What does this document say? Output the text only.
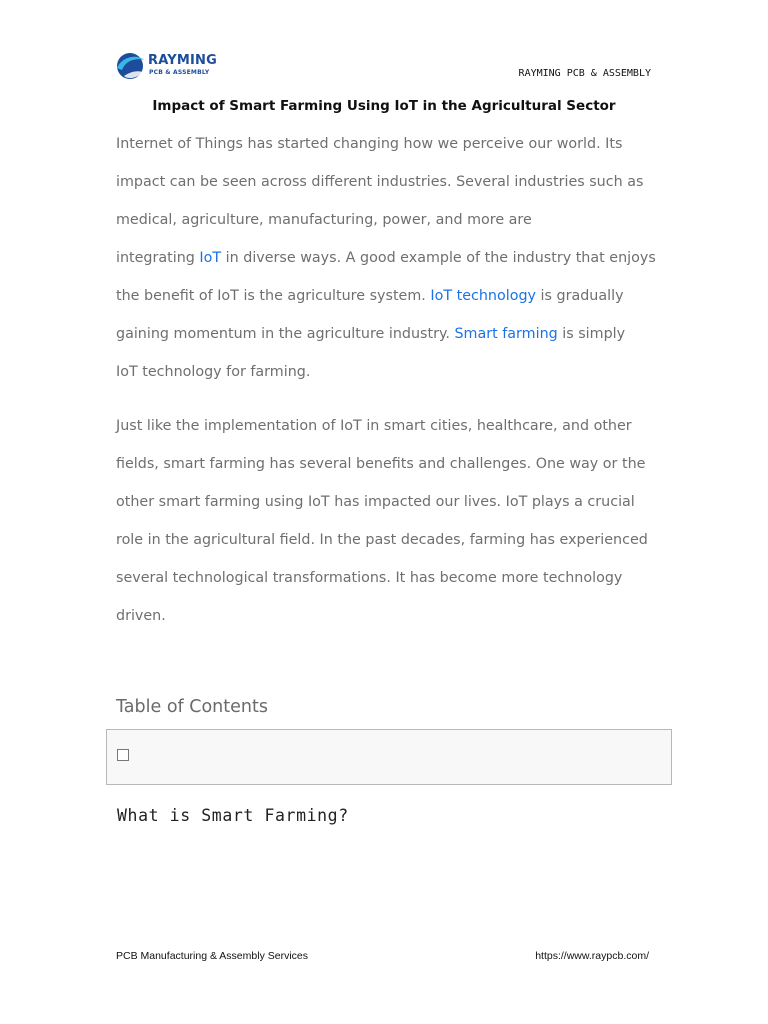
RAYMING
PCB & ASSEMBLY	RAYMING PCB & ASSEMBLY
Impact of Smart Farming Using IoT in the Agricultural Sector

Internet of Things has started changing how we perceive our world. Its
impact can be seen across different industries. Several industries such as
medical, agriculture, manufacturing, power, and more are
integrating IoT in diverse ways. A good example of the industry that enjoys
the benefit of IoT is the agriculture system. IoT technology is gradually
gaining momentum in the agriculture industry. Smart farming is simply
IoT technology for farming.

Just like the implementation of IoT in smart cities, healthcare, and other
fields, smart farming has several benefits and challenges. One way or the
other smart farming using IoT has impacted our lives. IoT plays a crucial
role in the agricultural field. In the past decades, farming has experienced
several technological transformations. It has become more technology
driven.

Table of Contents
What is Smart Farming?
PCB Manufacturing & Assembly Services	https://www.raypcb.com/
